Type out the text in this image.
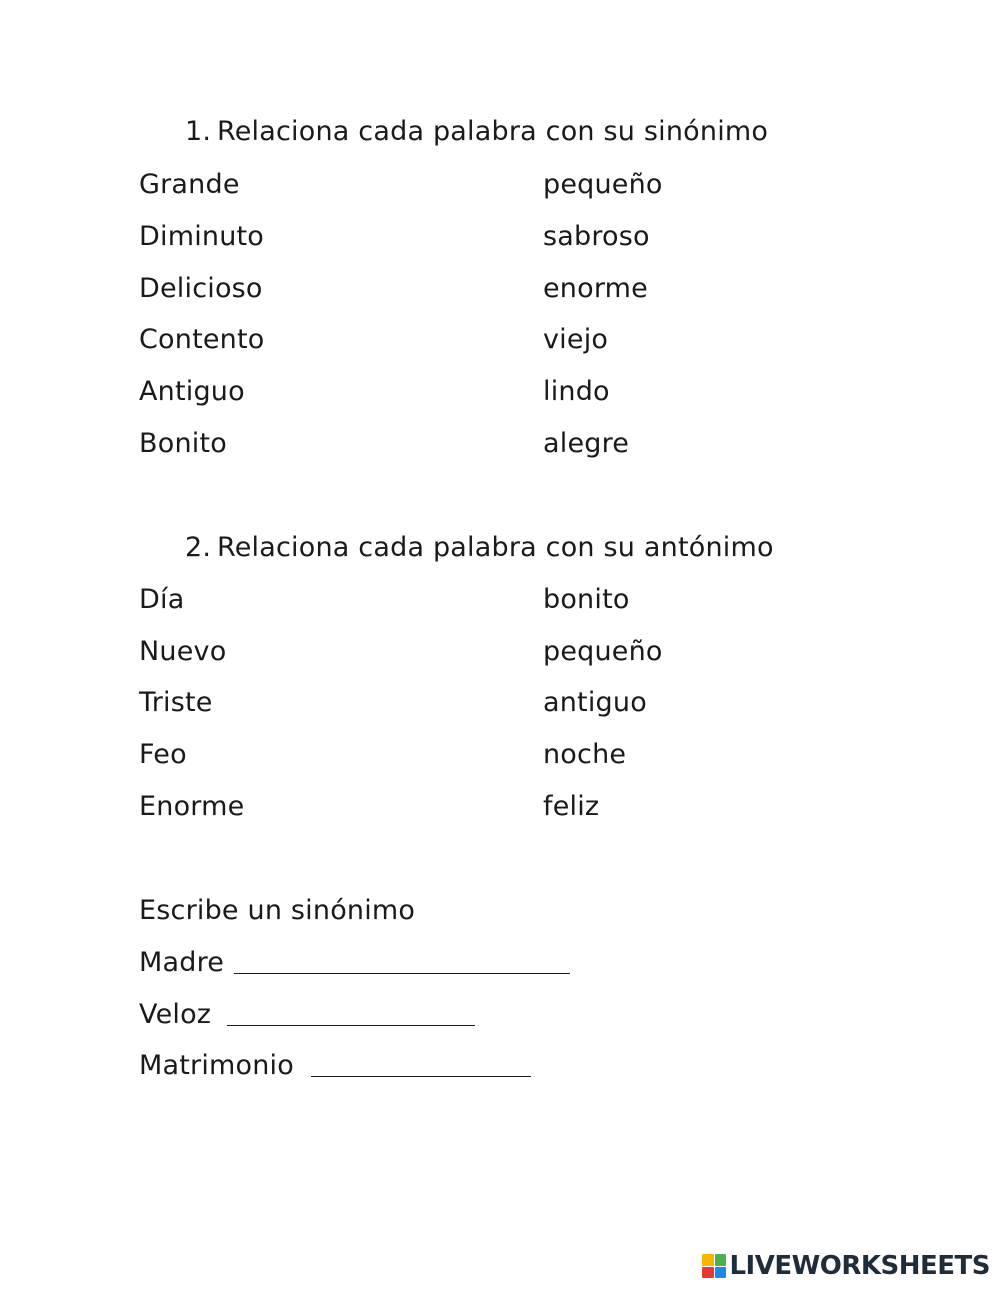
1. Relaciona cada palabra con su sinónimo
Grande
Diminuto
Delicioso
Contento
Antiguo
Bonito
pequeño
sabroso
enorme
viejo
lindo
alegre
2. Relaciona cada palabra con su antónimo
Día
Nuevo
Triste
Feo
Enorme
bonito
pequeño
antiguo
noche
feliz
Escribe un sinónimo
Madre
Veloz
Matrimonio
LIVEWORKSHEETS
